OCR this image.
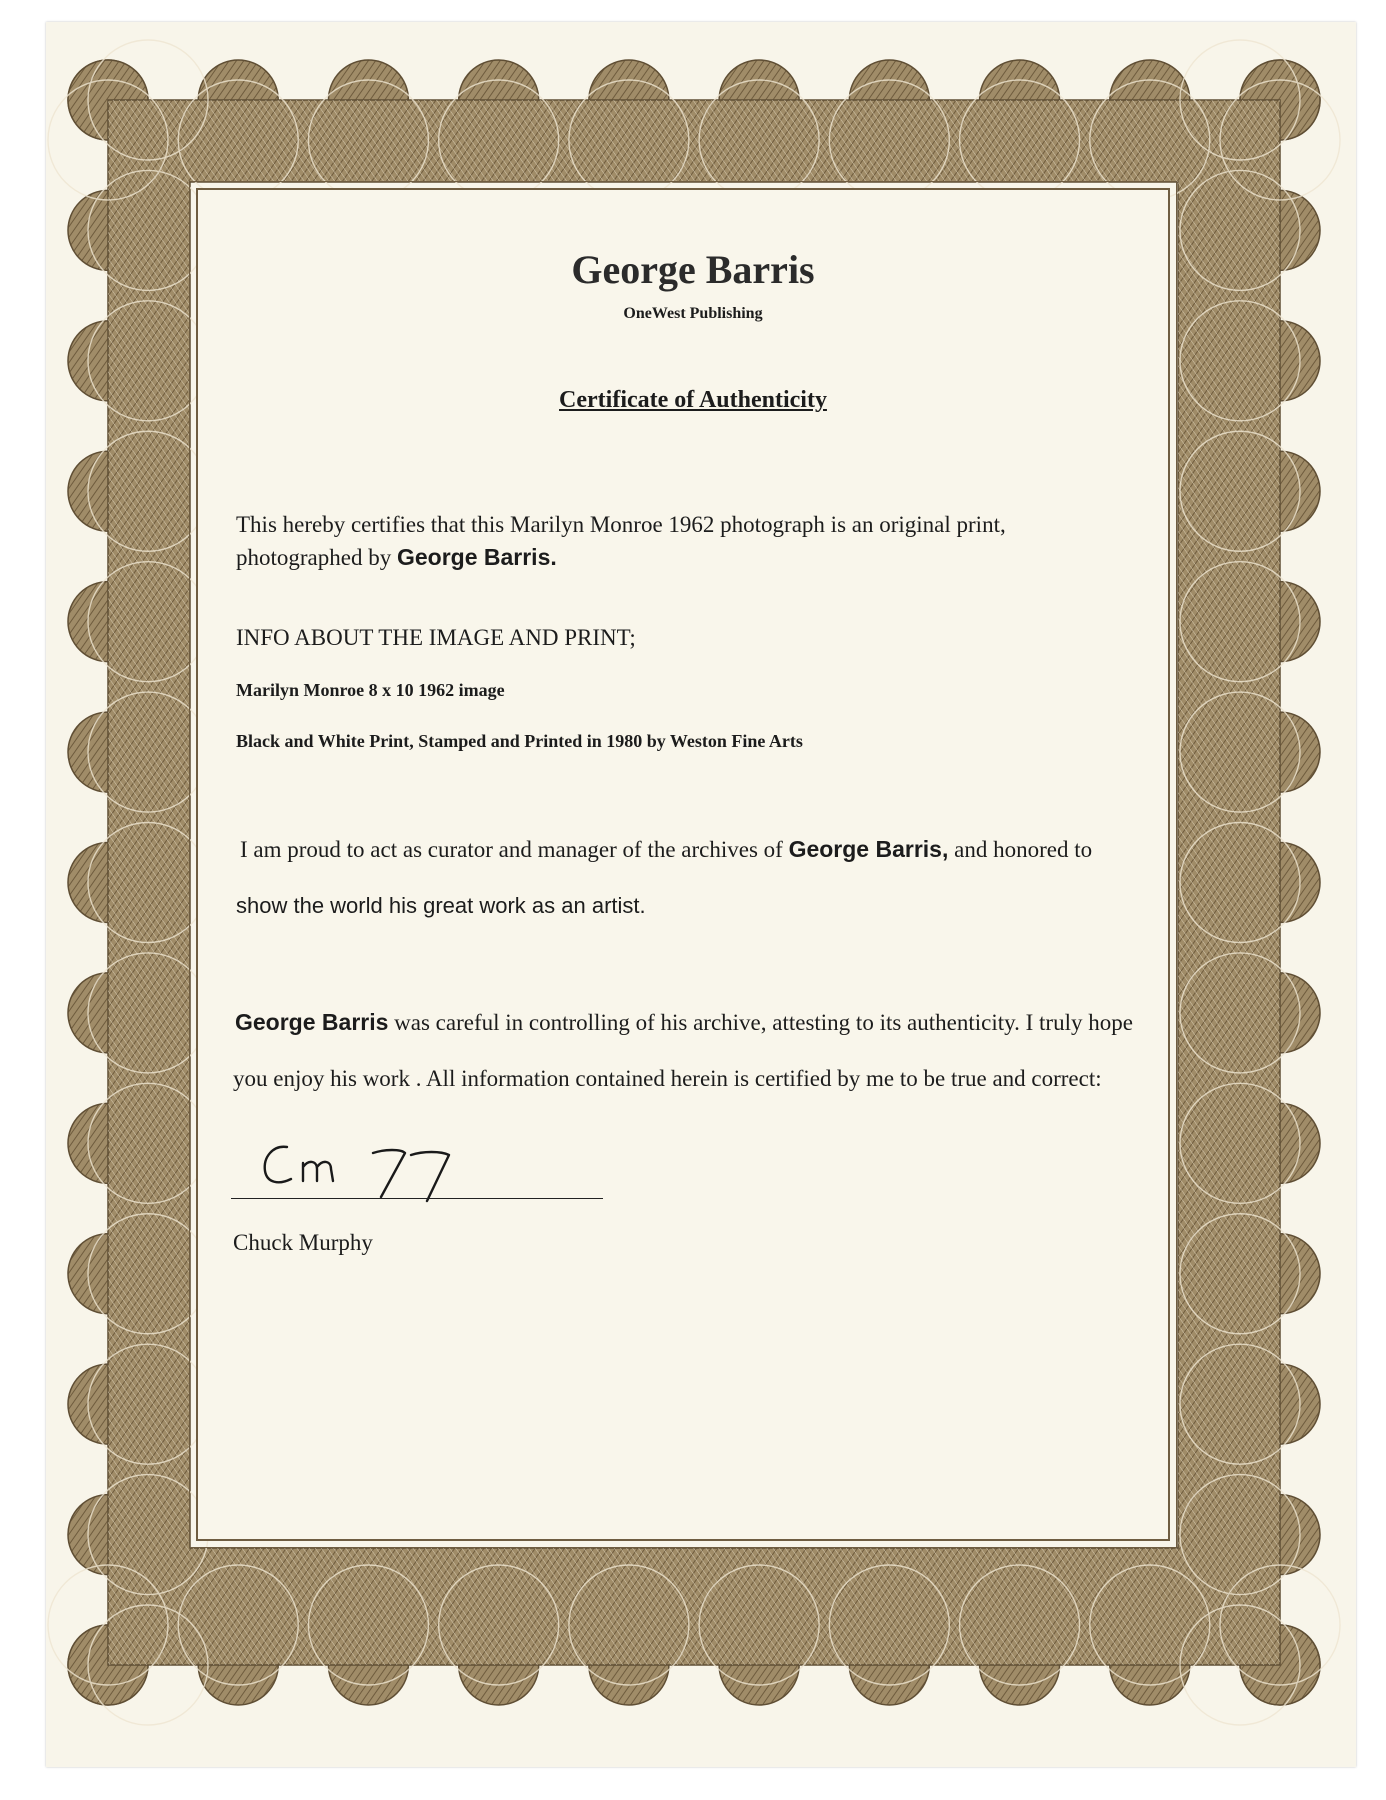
George Barris
OneWest Publishing
Certificate of Authenticity
This hereby certifies that this Marilyn Monroe 1962 photograph is an original print,
photographed by George Barris.
INFO ABOUT THE IMAGE AND PRINT;
Marilyn Monroe 8 x 10 1962 image
Black and White Print, Stamped and Printed in 1980 by Weston Fine Arts
I am proud to act as curator and manager of the archives of George Barris, and honored to
show the world his great work as an artist.
George Barris was careful in controlling of his archive, attesting to its authenticity. I truly hope
you enjoy his work . All information contained herein is certified by me to be true and correct:
Chuck Murphy
